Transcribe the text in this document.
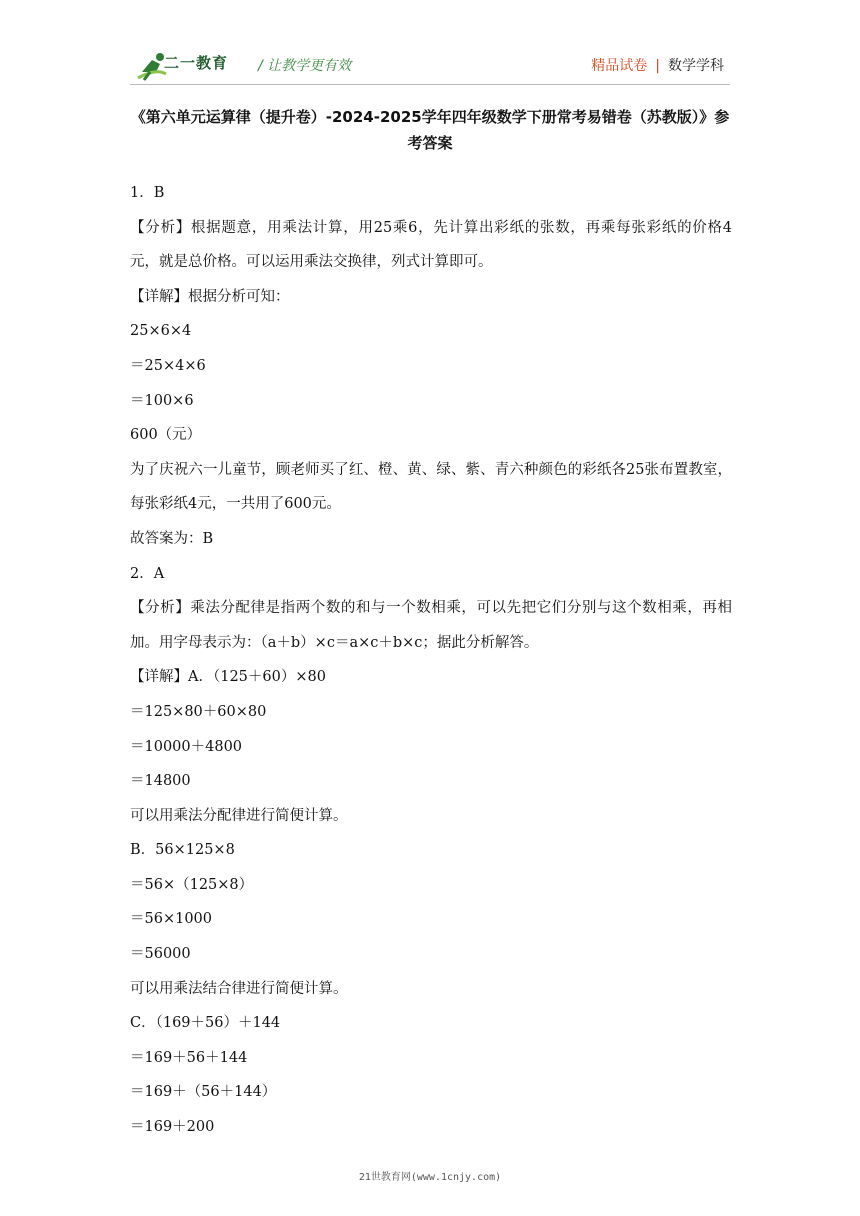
二一教育 / 让教学更有效	精品试卷 | 数学学科
《第六单元运算律（提升卷）-2024-2025学年四年级数学下册常考易错卷（苏教版）》参考答案
1．B
【分析】根据题意，用乘法计算，用25乘6，先计算出彩纸的张数，再乘每张彩纸的价格4元，就是总价格。可以运用乘法交换律，列式计算即可。
【详解】根据分析可知：
25×6×4
＝25×4×6
＝100×6
600（元）
为了庆祝六一儿童节，顾老师买了红、橙、黄、绿、紫、青六种颜色的彩纸各25张布置教室，每张彩纸4元，一共用了600元。
故答案为：B
2．A
【分析】乘法分配律是指两个数的和与一个数相乘，可以先把它们分别与这个数相乘，再相加。用字母表示为：（a＋b）×c＝a×c＋b×c；据此分析解答。
【详解】A．（125＋60）×80
＝125×80＋60×80
＝10000＋4800
＝14800
可以用乘法分配律进行简便计算。
B．56×125×8
＝56×（125×8）
＝56×1000
＝56000
可以用乘法结合律进行简便计算。
C．（169＋56）＋144
＝169＋56＋144
＝169＋（56＋144）
＝169＋200
21世教育网(www.1cnjy.com)
